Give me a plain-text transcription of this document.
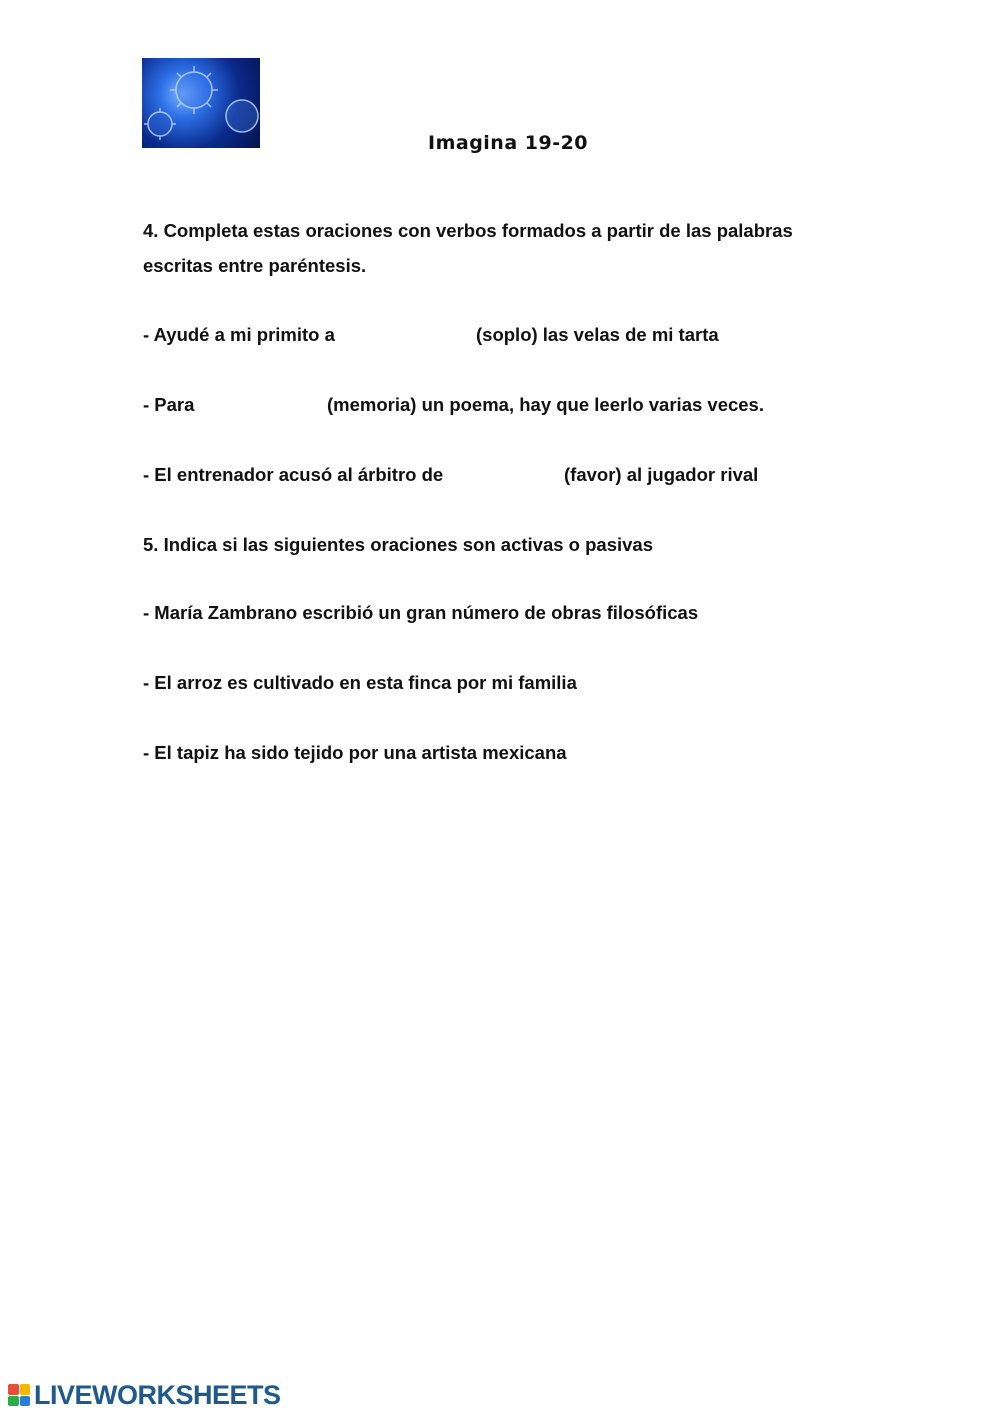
Imagina 19-20
4. Completa estas oraciones con verbos formados a partir de las palabras
escritas entre paréntesis.
- Ayudé a mi primito a	(soplo) las velas de mi tarta
- Para	(memoria) un poema, hay que leerlo varias veces.
- El entrenador acusó al árbitro de	(favor) al jugador rival
5. Indica si las siguientes oraciones son activas o pasivas
- María Zambrano escribió un gran número de obras filosóficas
- El arroz es cultivado en esta finca por mi familia
- El tapiz ha sido tejido por una artista mexicana
LIVEWORKSHEETS
